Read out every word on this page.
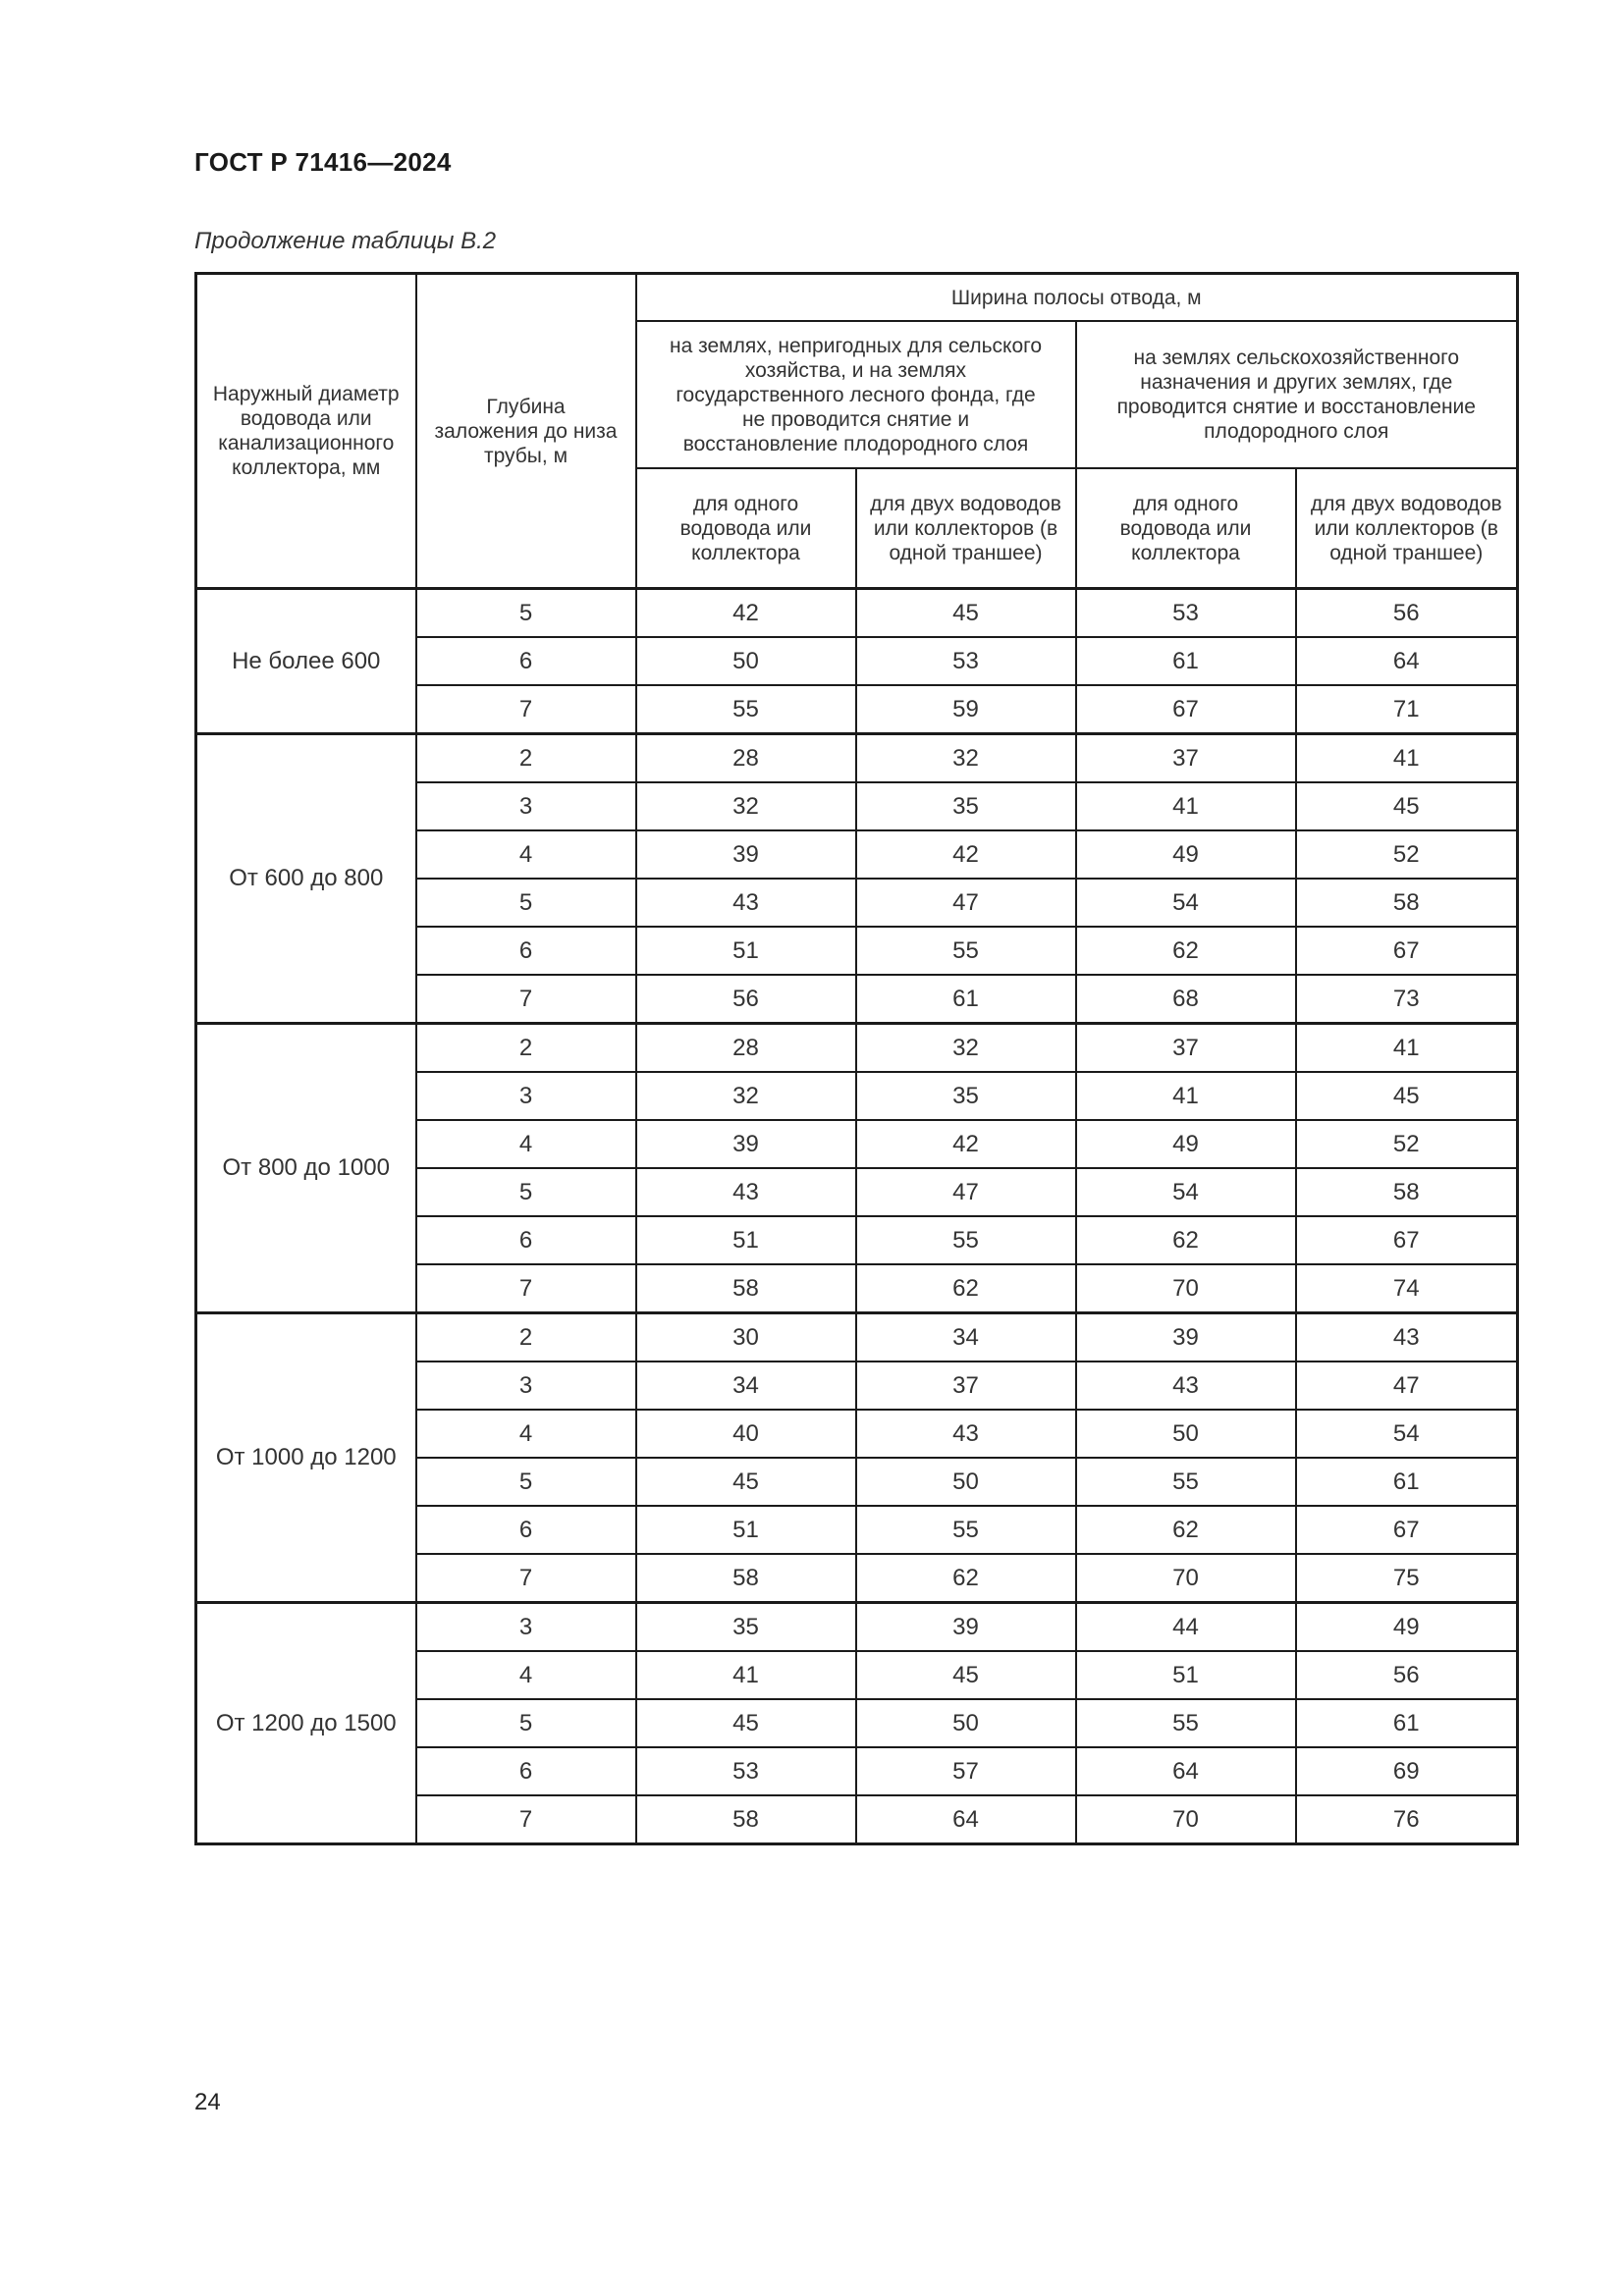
ГОСТ Р 71416—2024
Продолжение таблицы В.2
Наружный диаметр водовода или канализационного коллектора, мм	Глубина заложения до низа трубы, м	Ширина полосы отвода, м			
		на землях, непригодных для сельского хозяйства, и на землях государственного лесного фонда, где не проводится снятие и восстановление плодородного слоя		на землях сельскохозяйственного назначения и других землях, где проводится снятие и восстановление плодородного слоя	
		для одного водовода или коллектора	для двух водоводов или коллекторов (в одной траншее)	для одного водовода или коллектора	для двух водоводов или коллекторов (в одной траншее)
Не более 600	5	42	45	53	56
	6	50	53	61	64
	7	55	59	67	71
От 600 до 800	2	28	32	37	41
	3	32	35	41	45
	4	39	42	49	52
	5	43	47	54	58
	6	51	55	62	67
	7	56	61	68	73
От 800 до 1000	2	28	32	37	41
	3	32	35	41	45
	4	39	42	49	52
	5	43	47	54	58
	6	51	55	62	67
	7	58	62	70	74
От 1000 до 1200	2	30	34	39	43
	3	34	37	43	47
	4	40	43	50	54
	5	45	50	55	61
	6	51	55	62	67
	7	58	62	70	75
От 1200 до 1500	3	35	39	44	49
	4	41	45	51	56
	5	45	50	55	61
	6	53	57	64	69
	7	58	64	70	76
24
